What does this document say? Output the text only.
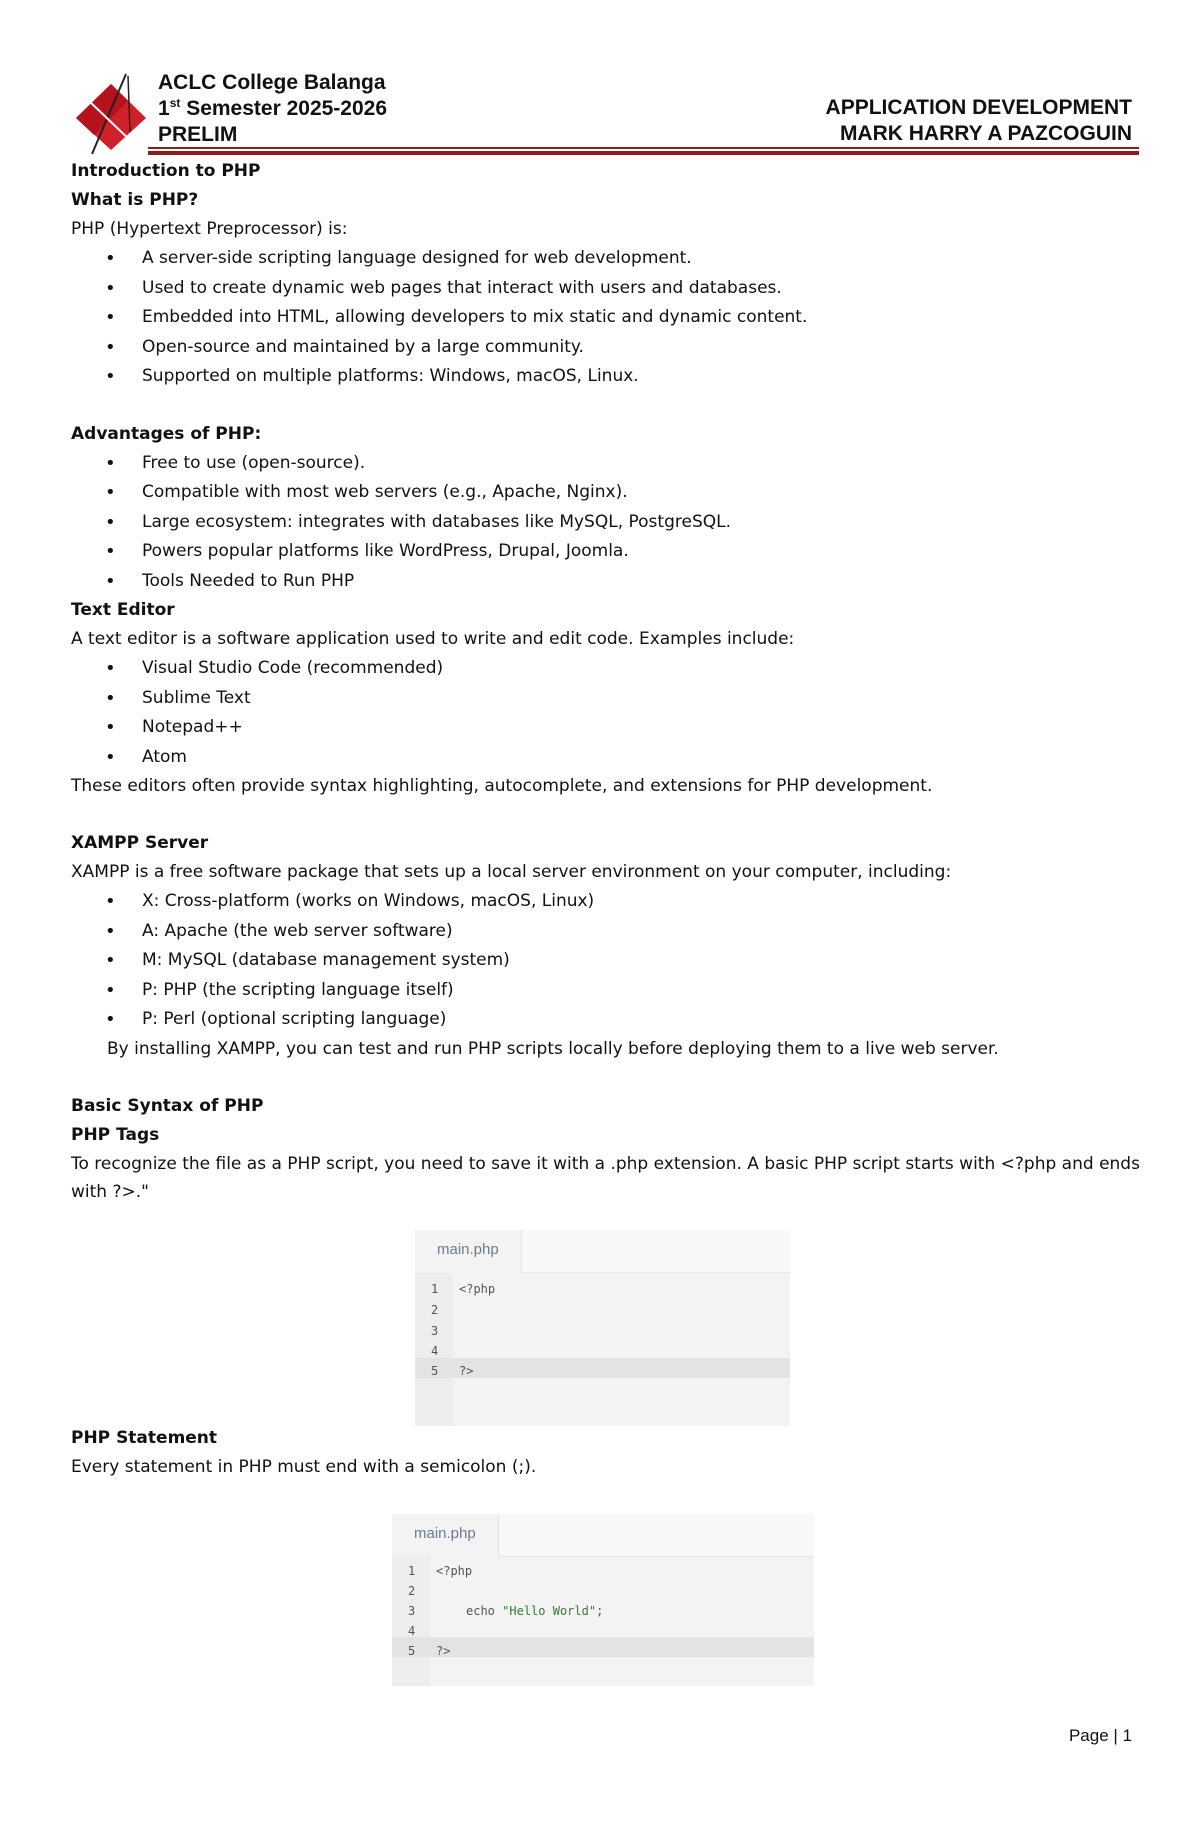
ACLC College Balanga
1st Semester 2025-2026
PRELIM
APPLICATION DEVELOPMENT
MARK HARRY A PAZCOGUIN
Introduction to PHP
What is PHP?
PHP (Hypertext Preprocessor) is:
• A server-side scripting language designed for web development.
• Used to create dynamic web pages that interact with users and databases.
• Embedded into HTML, allowing developers to mix static and dynamic content.
• Open-source and maintained by a large community.
• Supported on multiple platforms: Windows, macOS, Linux.
Advantages of PHP:
• Free to use (open-source).
• Compatible with most web servers (e.g., Apache, Nginx).
• Large ecosystem: integrates with databases like MySQL, PostgreSQL.
• Powers popular platforms like WordPress, Drupal, Joomla.
• Tools Needed to Run PHP
Text Editor
A text editor is a software application used to write and edit code. Examples include:
• Visual Studio Code (recommended)
• Sublime Text
• Notepad++
• Atom
These editors often provide syntax highlighting, autocomplete, and extensions for PHP development.
XAMPP Server
XAMPP is a free software package that sets up a local server environment on your computer, including:
• X: Cross-platform (works on Windows, macOS, Linux)
• A: Apache (the web server software)
• M: MySQL (database management system)
• P: PHP (the scripting language itself)
• P: Perl (optional scripting language)
By installing XAMPP, you can test and run PHP scripts locally before deploying them to a live web server.
Basic Syntax of PHP
PHP Tags
To recognize the file as a PHP script, you need to save it with a .php extension. A basic PHP script starts with <?php and ends with ?>."
main.php
1
2
3
4
5
<?php
?>
PHP Statement
Every statement in PHP must end with a semicolon (;).
main.php
1
2
3
4
5
<?php
echo "Hello World";
?>
Page | 1
